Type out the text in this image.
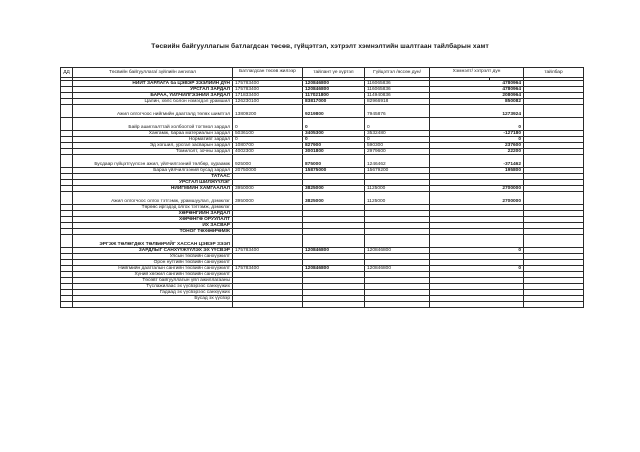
Төсвийн байгууллагын батлагдсан төсөв, гүйцэтгэл, хэтрэлт хэмнэлтийн шалтгаан тайлбарын хамт
ДД	Төсвийн байгууллага/ зүйлийн ангилал	Батлагдсан төсөв жилээр	тайлант үе хүртэл	Гүйцэтгэл /өссөн дүн/	Хэмнэлт/ хэтрэлт дүн		тайлбар

	НИЙТ ЗАРЛАГА ба ЦЭВЭР ЗЭЭЛИЙН ДҮН	175783400	120846800	116065836	4780964		
	УРСГАЛ ЗАРДАЛ	175783400	120846800	116065836	4780964		
	БАРАА, ҮЙЛЧИЛГЭЭНИЙ ЗАРДАЛ	171833400	117021800	114940836	2080964		
	Цалин, хөлс болон нэмэгдэл урамшил	126230100	83817000	82966918	850082		
	Ажил олгогчоос нийгмийн даатгалд төлөх шимтгэл	13809200	9219800	7945876	1273924		
	Байр ашиглалттай холбоотой тогтмол зардал	0	0	0	0		
	Хангамж, бараа материалын зардал	5036100	3405300	3532480	-127180		
	Нормативт зардал	0	0	0	0		
	Эд хогшил, урсгал засварын зардал	1080700	827900	590300	237600		
	Томилолт, зочны зардал	4002300	3001800	2979600	22200		
	Бусдаар гүйцэтгүүлсэн ажил, үйлчилгээний төлбөр, хураамж	925000	875000	1246462	-371462		
	Бараа үйлчилгээний бусад зардал	20750000	15875000	15679200	195800		
	ТАТААС						
	УРСГАЛ ШИЛЖҮҮЛЭГ						
	НИЙГМИЙН ХАМГААЛАЛ	3950000	3825000	1125000	2700000		
	Ажил олгогчоос олгох тэтгэмж, урамшуулал, дэмжлэг	3950000	3825000	1125000	2700000		
	Төрөөс иргэдэд олгох тэтгэмж, дэмжлэг						
	ХӨРӨНГИЙН ЗАРДАЛ						
	ХӨРӨНГӨ ОРУУЛАЛТ						
	ИХ ЗАСВАР						
	ТОНОГ ТӨХӨӨРӨМЖ						
	ЭРГЭЖ ТӨЛӨГДӨХ ТӨЛБӨРИЙГ ХАССАН ЦЭВЭР ЗЭЭЛ						
	ЗАРДЛЫГ САНХҮҮЖҮҮЛЭХ ЭХ ҮҮСВЭР	175783400	120846800	120846800	0		
	Улсын төсвийн санхүүжилт						
	Орон нутгийн төсвийн санхүүжилт						
	Нийгмийн даатгалын сангийн төсвийн санхүүжилт	175783400	120846800	120846800	0		
	Хүний хөгжил сангийн төсвийн санхүүжилт						
	Төсөвт байгууллагын үйл ажиллагааны						
	Түслажилаас эх үүсвэрээс санхүүжих						
	Гадаад эх үүсвэрээс санхүүжих						
	Бусад эх үүсвэр						
